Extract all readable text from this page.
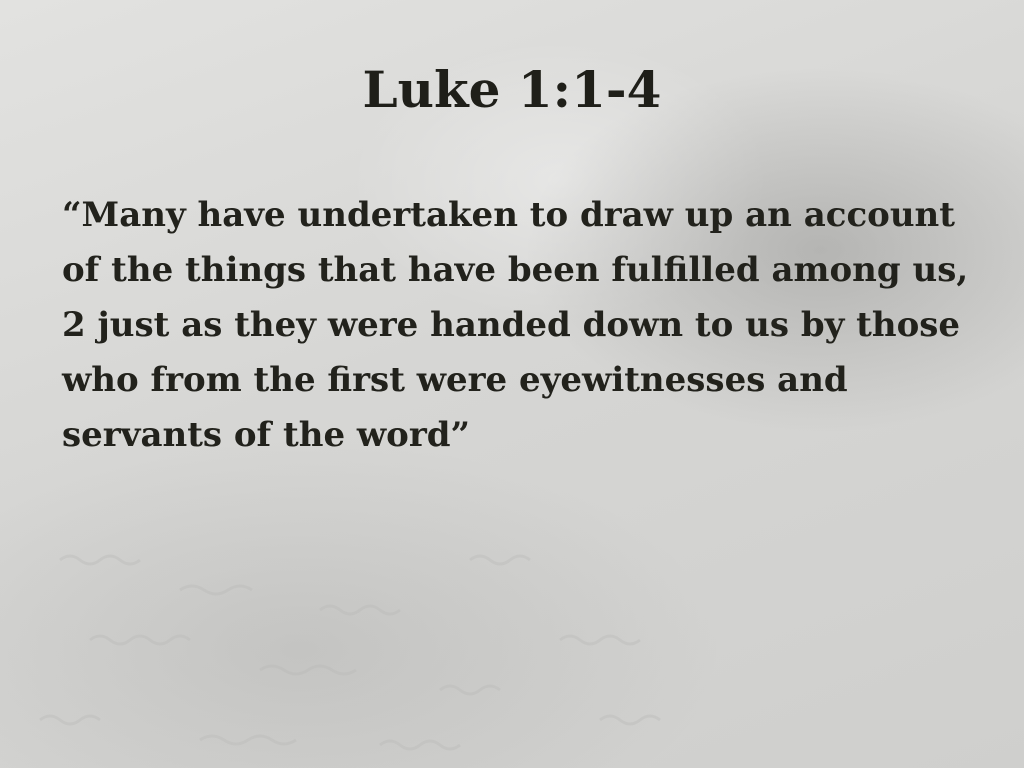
Luke 1:1-4

“Many have undertaken to draw up an account of the things that have been fulfilled among us, 2 just as they were handed down to us by those who from the first were eyewitnesses and servants of the word”
